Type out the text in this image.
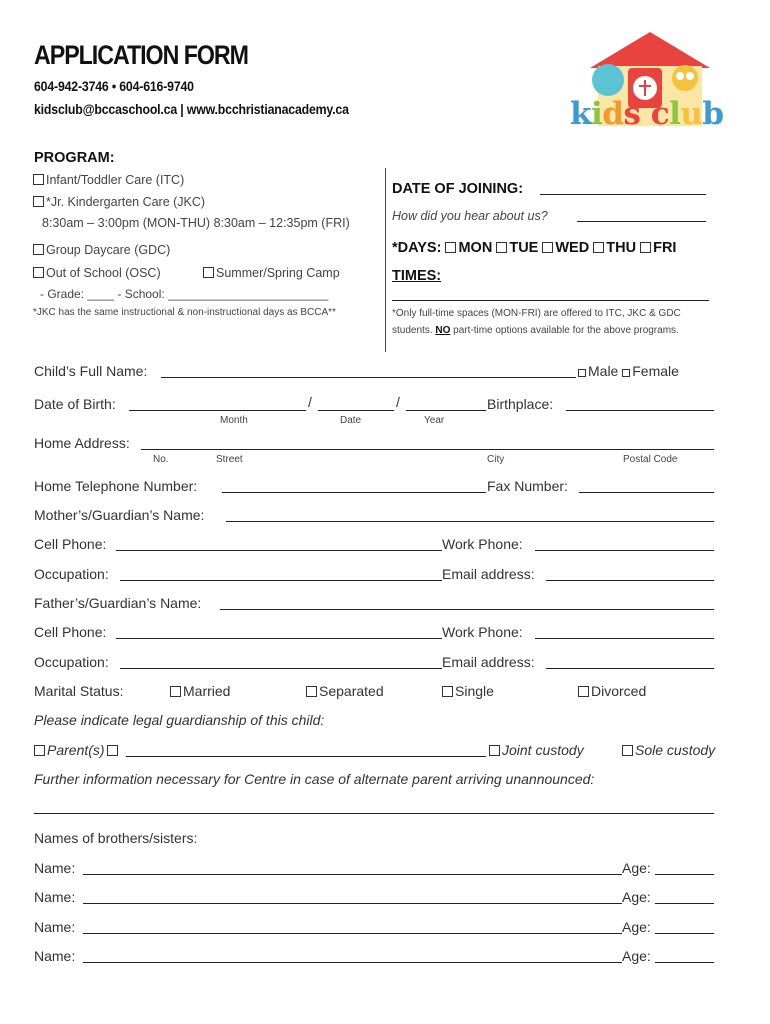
APPLICATION FORM
604-942-3746 • 604-616-9740
kidsclub@bccaschool.ca | www.bcchristianacademy.ca	kids club
PROGRAM:
Infant/Toddler Care (ITC)
*Jr. Kindergarten Care (JKC)
8:30am – 3:00pm (MON-THU) 8:30am – 12:35pm (FRI)
Group Daycare (GDC)
Out of School (OSC)	Summer/Spring Camp
- Grade: ____ - School: ________________________
*JKC has the same instructional & non-instructional days as BCCA**
DATE OF JOINING:
How did you hear about us?
*DAYS: MON TUE WED THU FRI
TIMES:
*Only full-time spaces (MON-FRI) are offered to ITC, JKC & GDC
students. NO part-time options available for the above programs.
Child’s Full Name:	Male Female
Date of Birth:	/	/	Birthplace:
Month	Date	Year
Home Address:
No.	Street	City	Postal Code
Home Telephone Number:	Fax Number:
Mother’s/Guardian’s Name:
Cell Phone:	Work Phone:
Occupation:	Email address:
Father’s/Guardian’s Name:
Cell Phone:	Work Phone:
Occupation:	Email address:
Marital Status:	Married	Separated	Single	Divorced
Please indicate legal guardianship of this child:
Parent(s)	Joint custody	Sole custody
Further information necessary for Centre in case of alternate parent arriving unannounced:
Names of brothers/sisters:
Name:	Age:
Name:	Age:
Name:	Age:
Name:	Age:
